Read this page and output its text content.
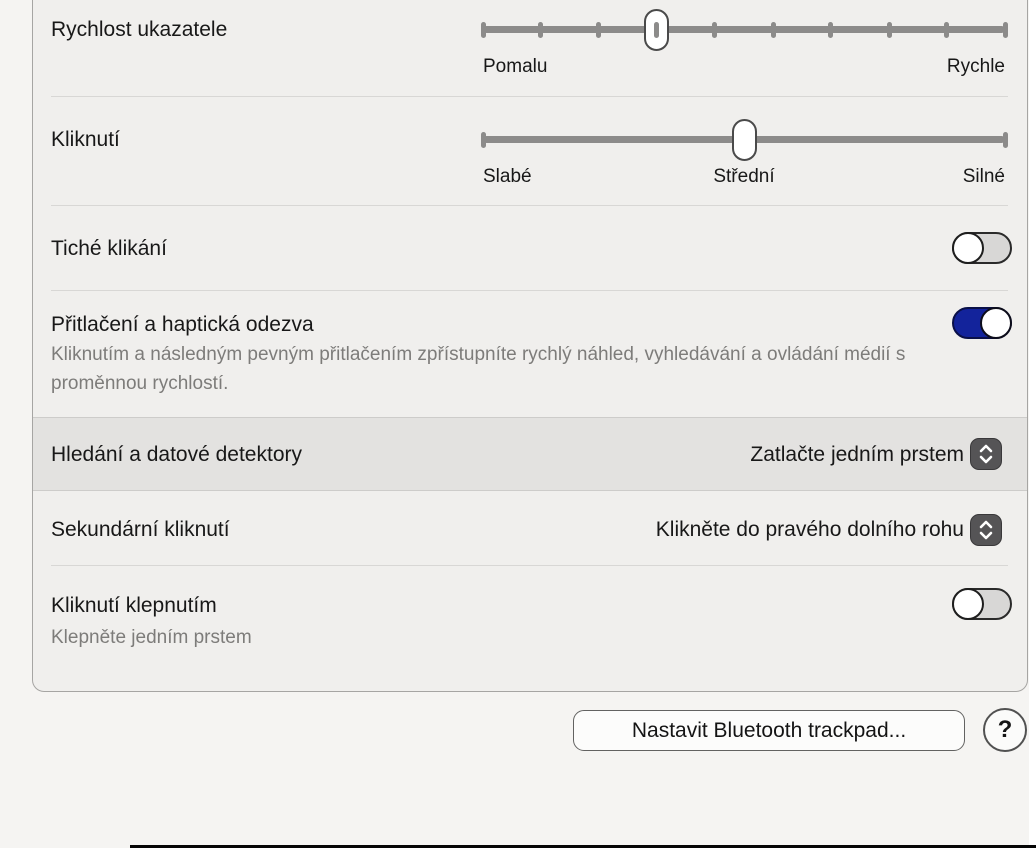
Rychlost ukazatele
Pomalu	Rychle
Kliknutí
Slabé	Střední	Silné
Tiché klikání
Přitlačení a haptická odezva
Kliknutím a následným pevným přitlačením zpřístupníte rychlý náhled, vyhledávání a ovládání médií s proměnnou rychlostí.
Hledání a datové detektory	Zatlačte jedním prstem
Sekundární kliknutí	Klikněte do pravého dolního rohu
Kliknutí klepnutím
Klepněte jedním prstem
Nastavit Bluetooth trackpad...	?
